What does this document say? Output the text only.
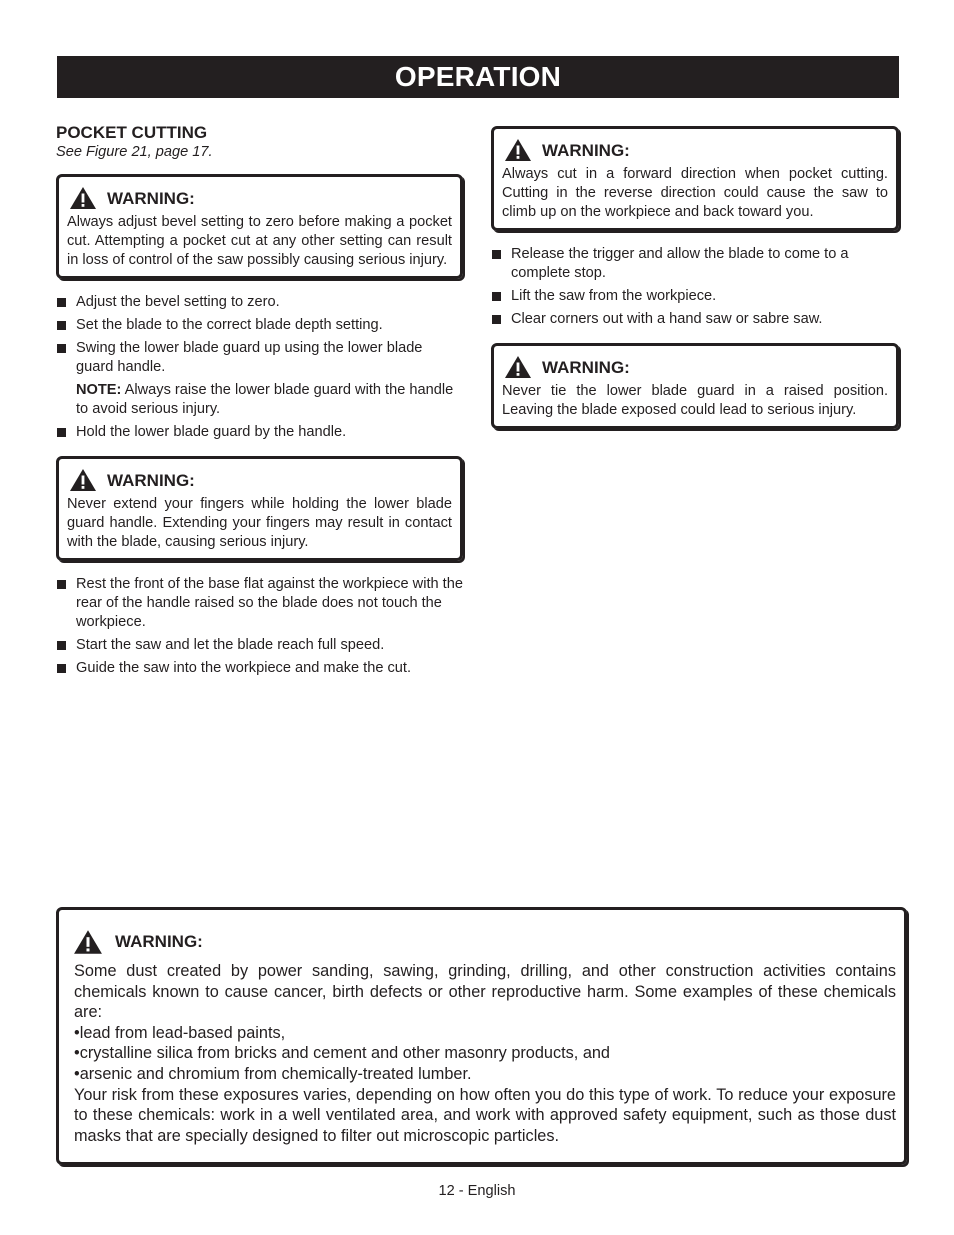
OPERATION
POCKET CUTTING

See Figure 21, page 17.

WARNING:

Always adjust bevel setting to zero before making a pocket cut. Attempting a pocket cut at any other setting can result in loss of control of the saw possibly causing serious injury.

Adjust the bevel setting to zero.
Set the blade to the correct blade depth setting.
Swing the lower blade guard up using the lower blade guard handle.
NOTE: Always raise the lower blade guard with the handle to avoid serious injury.
Hold the lower blade guard by the handle.
WARNING:

Never extend your fingers while holding the lower blade guard handle. Extending your fingers may result in contact with the blade, causing serious injury.

Rest the front of the base flat against the workpiece with the rear of the handle raised so the blade does not touch the workpiece.
Start the saw and let the blade reach full speed.
Guide the saw into the workpiece and make the cut.
WARNING:

Always cut in a forward direction when pocket cutting. Cutting in the reverse direction could cause the saw to climb up on the workpiece and back toward you.

Release the trigger and allow the blade to come to a complete stop.
Lift the saw from the workpiece.
Clear corners out with a hand saw or sabre saw.
WARNING:

Never tie the lower blade guard in a raised position. Leaving the blade exposed could lead to serious injury.

WARNING:

Some dust created by power sanding, sawing, grinding, drilling, and other construction activities contains chemicals known to cause cancer, birth defects or other reproductive harm. Some examples of these chemicals are:

•lead from lead-based paints,
•crystalline silica from bricks and cement and other masonry products, and
•arsenic and chromium from chemically-treated lumber.

Your risk from these exposures varies, depending on how often you do this type of work. To reduce your exposure to these chemicals: work in a well ventilated area, and work with approved safety equipment, such as those dust masks that are specially designed to filter out microscopic particles.

12 - English
